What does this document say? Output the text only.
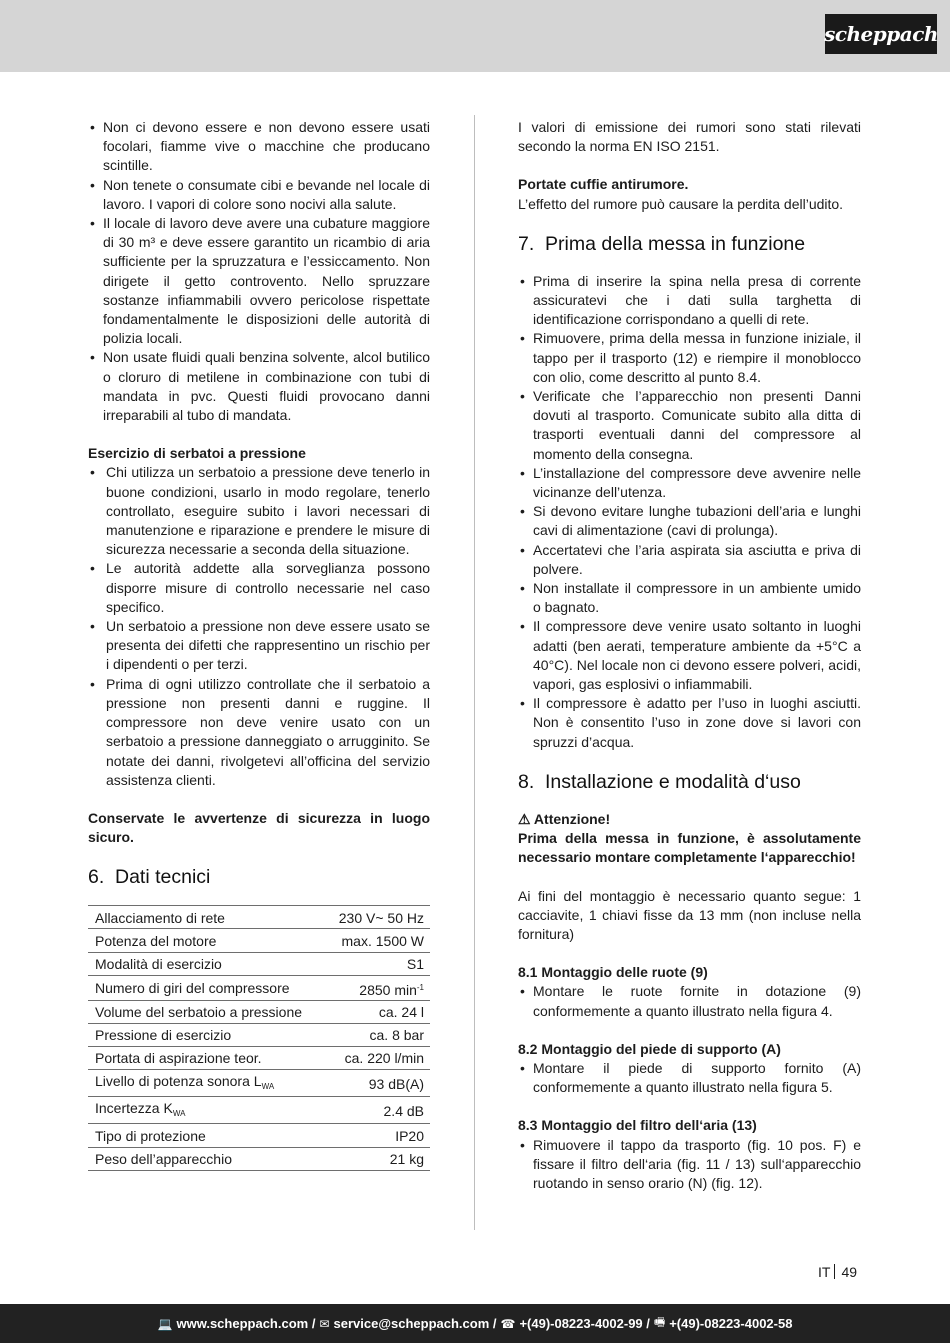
scheppach
• Non ci devono essere e non devono essere usati focolari, fiamme vive o macchine che producano scintille.
• Non tenete o consumate cibi e bevande nel locale di lavoro. I vapori di colore sono nocivi alla salute.
• Il locale di lavoro deve avere una cubature maggiore di 30 m³ e deve essere garantito un ricambio di aria sufficiente per la spruzzatura e l’essiccamento. Non dirigete il getto controvento. Nello spruzzare sostanze infiammabili ovvero pericolose rispettate fondamentalmente le disposizioni delle autorità di polizia locali.
• Non usate fluidi quali benzina solvente, alcol butilico o cloruro di metilene in combinazione con tubi di mandata in pvc. Questi fluidi provocano danni irreparabili al tubo di mandata.
Esercizio di serbatoi a pressione
• Chi utilizza un serbatoio a pressione deve tenerlo in buone condizioni, usarlo in modo regolare, tenerlo controllato, eseguire subito i lavori necessari di manutenzione e riparazione e prendere le misure di sicurezza necessarie a seconda della situazione.
• Le autorità addette alla sorveglianza possono disporre misure di controllo necessarie nel caso specifico.
• Un serbatoio a pressione non deve essere usato se presenta dei difetti che rappresentino un rischio per i dipendenti o per terzi.
• Prima di ogni utilizzo controllate che il serbatoio a pressione non presenti danni e ruggine. Il compressore non deve venire usato con un serbatoio a pressione danneggiato o arrugginito. Se notate dei danni, rivolgetevi all’officina del servizio assistenza clienti.
Conservate le avvertenze di sicurezza in luogo sicuro.
6. Dati tecnici
Allacciamento di rete	230 V~ 50 Hz
Potenza del motore	max. 1500 W
Modalità di esercizio	S1
Numero di giri del compressore	2850 $\min^{-1}$
Volume del serbatoio a pressione	ca. 24 l
Pressione di esercizio	ca. 8 bar
Portata di aspirazione teor.	ca. 220 l/min
Livello di potenza sonora $L_{WA}$	93 dB(A)
Incertezza $K_{WA}$	2.4 dB
Tipo di protezione	IP20
Peso dell’apparecchio	21 kg
I valori di emissione dei rumori sono stati rilevati secondo la norma EN ISO 2151.
Portate cuffie antirumore.
L’effetto del rumore può causare la perdita dell’udito.
7. Prima della messa in funzione
• Prima di inserire la spina nella presa di corrente assicuratevi che i dati sulla targhetta di identificazione corrispondano a quelli di rete.
• Rimuovere, prima della messa in funzione iniziale, il tappo per il trasporto (12) e riempire il monoblocco con olio, come descritto al punto 8.4.
• Verificate che l’apparecchio non presenti Danni dovuti al trasporto. Comunicate subito alla ditta di trasporti eventuali danni del compressore al momento della consegna.
• L’installazione del compressore deve avvenire nelle vicinanze dell’utenza.
• Si devono evitare lunghe tubazioni dell’aria e lunghi cavi di alimentazione (cavi di prolunga).
• Accertatevi che l’aria aspirata sia asciutta e priva di polvere.
• Non installate il compressore in un ambiente umido o bagnato.
• Il compressore deve venire usato soltanto in luoghi adatti (ben aerati, temperature ambiente da +5°C a 40°C). Nel locale non ci devono essere polveri, acidi, vapori, gas esplosivi o infiammabili.
• Il compressore è adatto per l’uso in luoghi asciutti. Non è consentito l’uso in zone dove si lavori con spruzzi d’acqua.
8. Installazione e modalità d‘uso
⚠ Attenzione!
Prima della messa in funzione, è assolutamente necessario montare completamente l‘apparecchio!
Ai fini del montaggio è necessario quanto segue: 1 cacciavite, 1 chiavi fisse da 13 mm (non incluse nella fornitura)
8.1 Montaggio delle ruote (9)
• Montare le ruote fornite in dotazione (9) conformemente a quanto illustrato nella figura 4.
8.2 Montaggio del piede di supporto (A)
• Montare il piede di supporto fornito (A) conformemente a quanto illustrato nella figura 5.
8.3 Montaggio del filtro dell‘aria (13)
• Rimuovere il tappo da trasporto (fig. 10 pos. F) e fissare il filtro dell‘aria (fig. 11 / 13) sull‘apparecchio ruotando in senso orario (N) (fig. 12).
IT 49
💻 www.scheppach.com / ✉ service@scheppach.com / ☎ +(49)-08223-4002-99 / 🖷 +(49)-08223-4002-58
